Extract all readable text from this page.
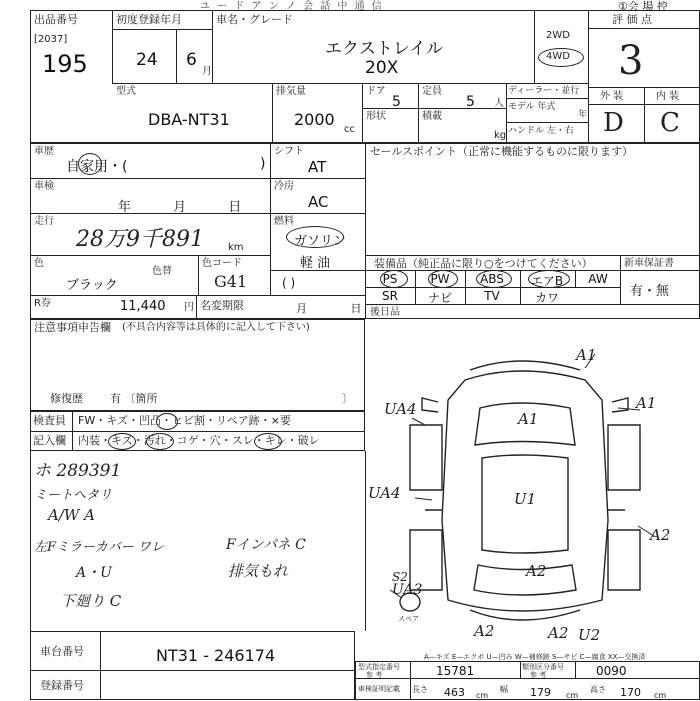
ユ ー ド ア ン ノ 会 話 中 通 信	①会 場 控
出品番号
[2037]
195
初度登録年月
24 6
月
車名・グレード
エクストレイル
20X
2WD
4WD
評 価 点
3
型式
DBA-NT31
排気量
2000
cc
ドア
5
定員
5 人
形状	積載
kg
ディーラー・並行
モデル 年式
年
ハンドル 左・右
外 装	内 装
D C
車歴
自家用・(	)
シフト
AT
セールスポイント（正常に機能するものに限ります）
車検
年 月 日
冷房
AC
走行
28万9千891 km
燃料
ガソリン
軽 油
色
ブラック
色替
色コード
G41	( )
装備品（純正品に限り○をつけてください）	新車保証書
有・無
PS	PW	ABS	エアB	AW
SR	ナビ	TV	カワ
後日品
R券	11,440 円 名変期限	月 日
注意事項申告欄 (不具合内容等は具体的に記入して下さい)
修復歴 有 〔箇所	〕
検査員 FW・キズ・凹凸・ヒビ割・リペア跡・×要
記入欄 内装・キズ・汚れ・コゲ・穴・スレ・キレ・破レ
ホ 289391
ミートへタリ
A/W A
左Fミラーカバー ワレ
A・U
下廻り C
Fインパネ C
排気もれ
A1
UA4
A1
A1
UA4	U1
A2
A2
A2	A2 U2
S2
UA3
スペア
A—キズ E—エクボ U—凹み W—補修跡 S—サビ C—腐食 XX—交換済
車台番号	NT31 - 246174
登録番号
型式指定番号
参 考	15781	類別区分番号
参 考	0090
車検証明記載 長さ 463 cm
幅 179 cm
高さ 170 cm
